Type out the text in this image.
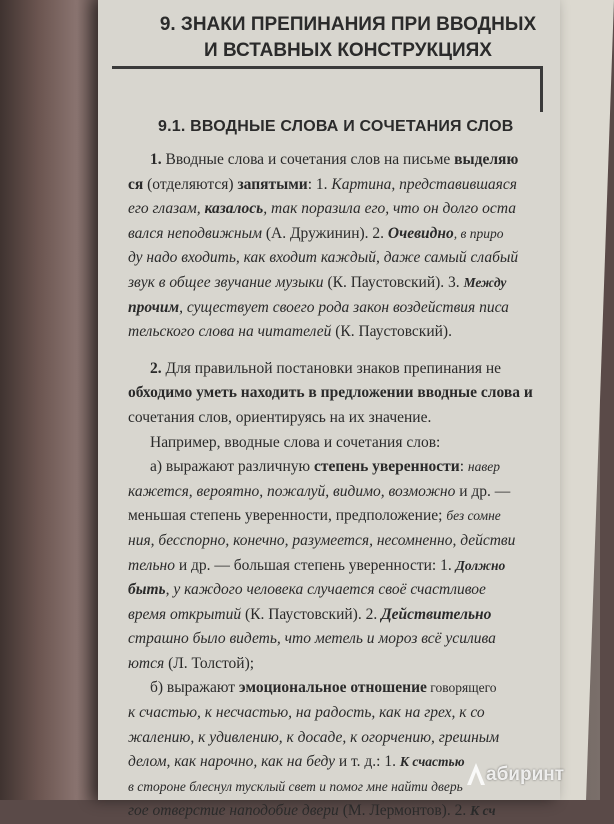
9. ЗНАКИ ПРЕПИНАНИЯ ПРИ ВВОДНЫХ
И ВСТАВНЫХ КОНСТРУКЦИЯХ
9.1. ВВОДНЫЕ СЛОВА И СОЧЕТАНИЯ СЛОВ
1. Вводные слова и сочетания слов на письме выделяю
ся (отделяются) запятыми: 1. Картина, представившаяся
его глазам, казалось, так поразила его, что он долго оста
вался неподвижным (А. Дружинин). 2. Очевидно, в приро
ду надо входить, как входит каждый, даже самый слабый
звук в общее звучание музыки (К. Паустовский). 3. Между
прочим, существует своего рода закон воздействия писа
тельского слова на читателей (К. Паустовский).
2. Для правильной постановки знаков препинания не
обходимо уметь находить в предложении вводные слова и
сочетания слов, ориентируясь на их значение.
Например, вводные слова и сочетания слов:
а) выражают различную степень уверенности: навер
кажется, вероятно, пожалуй, видимо, возможно и др. —
меньшая степень уверенности, предположение; без сомне
ния, бесспорно, конечно, разумеется, несомненно, действи
тельно и др. — большая степень уверенности: 1. Должно
быть, у каждого человека случается своё счастливое
время открытий (К. Паустовский). 2. Действительно
страшно было видеть, что метель и мороз всё усилива
ются (Л. Толстой);
б) выражают эмоциональное отношение говорящего
к счастью, к несчастью, на радость, как на грех, к со
жалению, к удивлению, к досаде, к огорчению, грешным
делом, как нарочно, как на беду и т. д.: 1. К счастью
в стороне блеснул тусклый свет и помог мне найти дверь
гое отверстие наподобие двери (М. Лермонтов). 2. К сч
абиринт
